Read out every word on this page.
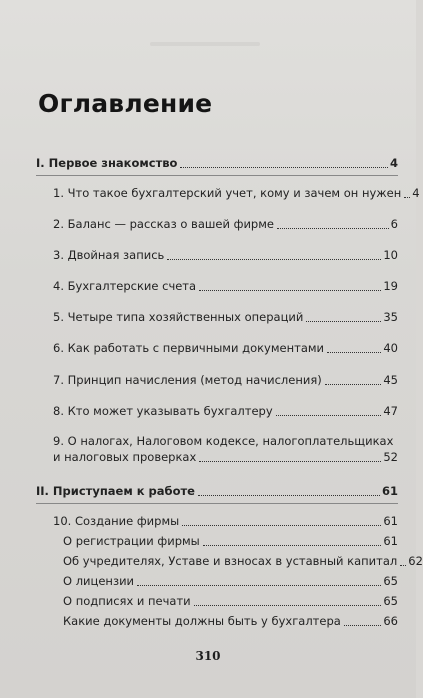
Оглавление
I. Первое знакомство	4
1. Что такое бухгалтерский учет, кому и зачем он нужен 4
2. Баланс — рассказ о вашей фирме	6
3. Двойная запись	10
4. Бухгалтерские счета	19
5. Четыре типа хозяйственных операций	35
6. Как работать с первичными документами	40
7. Принцип начисления (метод начисления)	45
8. Кто может указывать бухгалтеру	47
9. О налогах, Налоговом кодексе, налогоплательщиках
и налоговых проверках	52
II. Приступаем к работе	61
10. Создание фирмы	61
О регистрации фирмы	61
Об учредителях, Уставе и взносах в уставный капитал 62
О лицензии	65
О подписях и печати	65
Какие документы должны быть у бухгалтера	66
310
